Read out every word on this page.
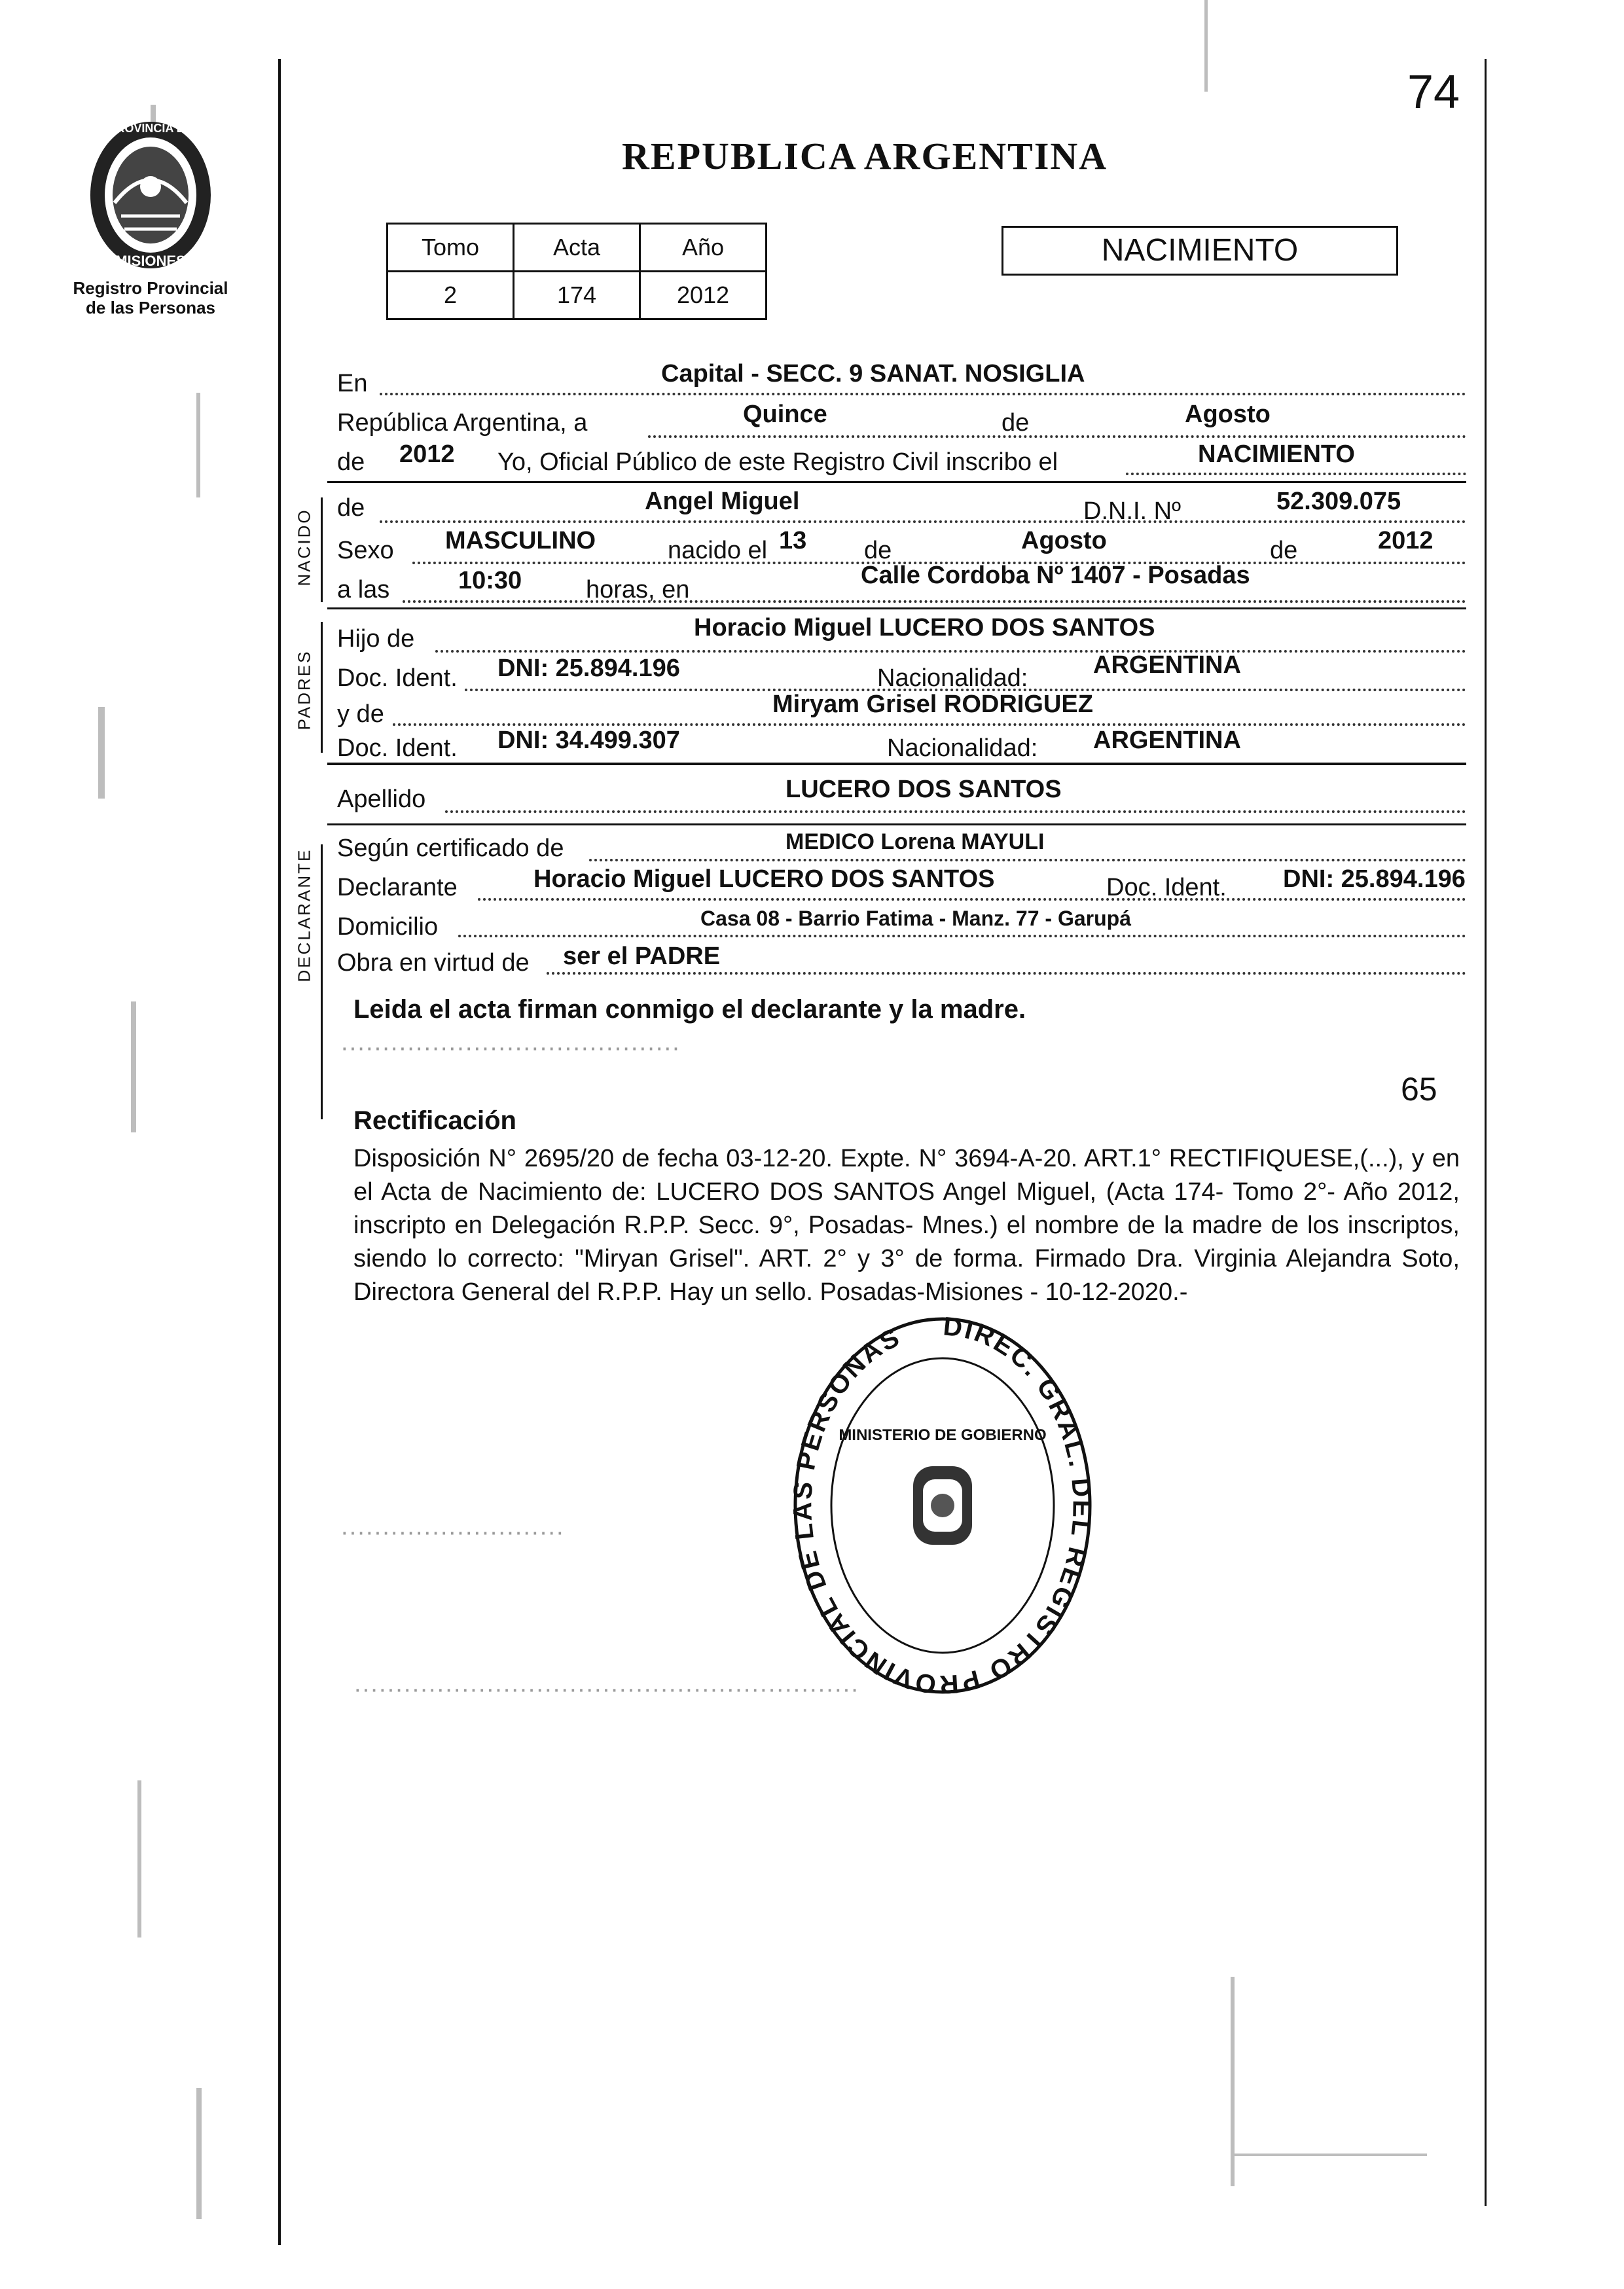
PROVINCIA DE
MISIONES
Registro Provincial
de las Personas
74
REPUBLICA ARGENTINA
Tomo	Acta	Año
2	174	2012
NACIMIENTO
NACIDO
PADRES
DECLARANTE
En	Capital - SECC. 9 SANAT. NOSIGLIA
República Argentina, a	Quince	de	Agosto
de 2012 Yo, Oficial Público de este Registro Civil inscribo el	NACIMIENTO
de	Angel Miguel	D.N.I. Nº	52.309.075
Sexo MASCULINO	nacido el 13 de	Agosto	de	2012
a las	10:30	horas, en
Calle Cordoba Nº 1407 - Posadas
Hijo de	Horacio Miguel LUCERO DOS SANTOS
Doc. Ident. DNI: 25.894.196	Nacionalidad:	ARGENTINA
y de	Miryam Grisel RODRIGUEZ
Doc. Ident. DNI: 34.499.307	Nacionalidad: ARGENTINA
Apellido	LUCERO DOS SANTOS
Según certificado de	MEDICO Lorena MAYULI
Declarante	Horacio Miguel LUCERO DOS SANTOS	Doc. Ident. DNI: 25.894.196
Domicilio	Casa 08 - Barrio Fatima - Manz. 77 - Garupá
Obra en virtud de ser el PADRE
Leida el acta firman conmigo el declarante y la madre.
·········································
···························
·····························································
65
Rectificación
Disposición N° 2695/20 de fecha 03-12-20. Expte. N° 3694-A-20. ART.1° RECTIFIQUESE,(...), y en el Acta de Nacimiento de: LUCERO DOS SANTOS Angel Miguel, (Acta 174- Tomo 2°- Año 2012, inscripto en Delegación R.P.P. Secc. 9°, Posadas- Mnes.) el nombre de la madre de los inscriptos, siendo lo correcto: "Miryan Grisel". ART. 2° y 3° de forma. Firmado Dra. Virginia Alejandra Soto, Directora General del R.P.P. Hay un sello. Posadas-Misiones - 10-12-2020.-
DIREC. GRAL. DEL REGISTRO PROVINCIAL DE LAS PERSONAS
MINISTERIO DE GOBIERNO
